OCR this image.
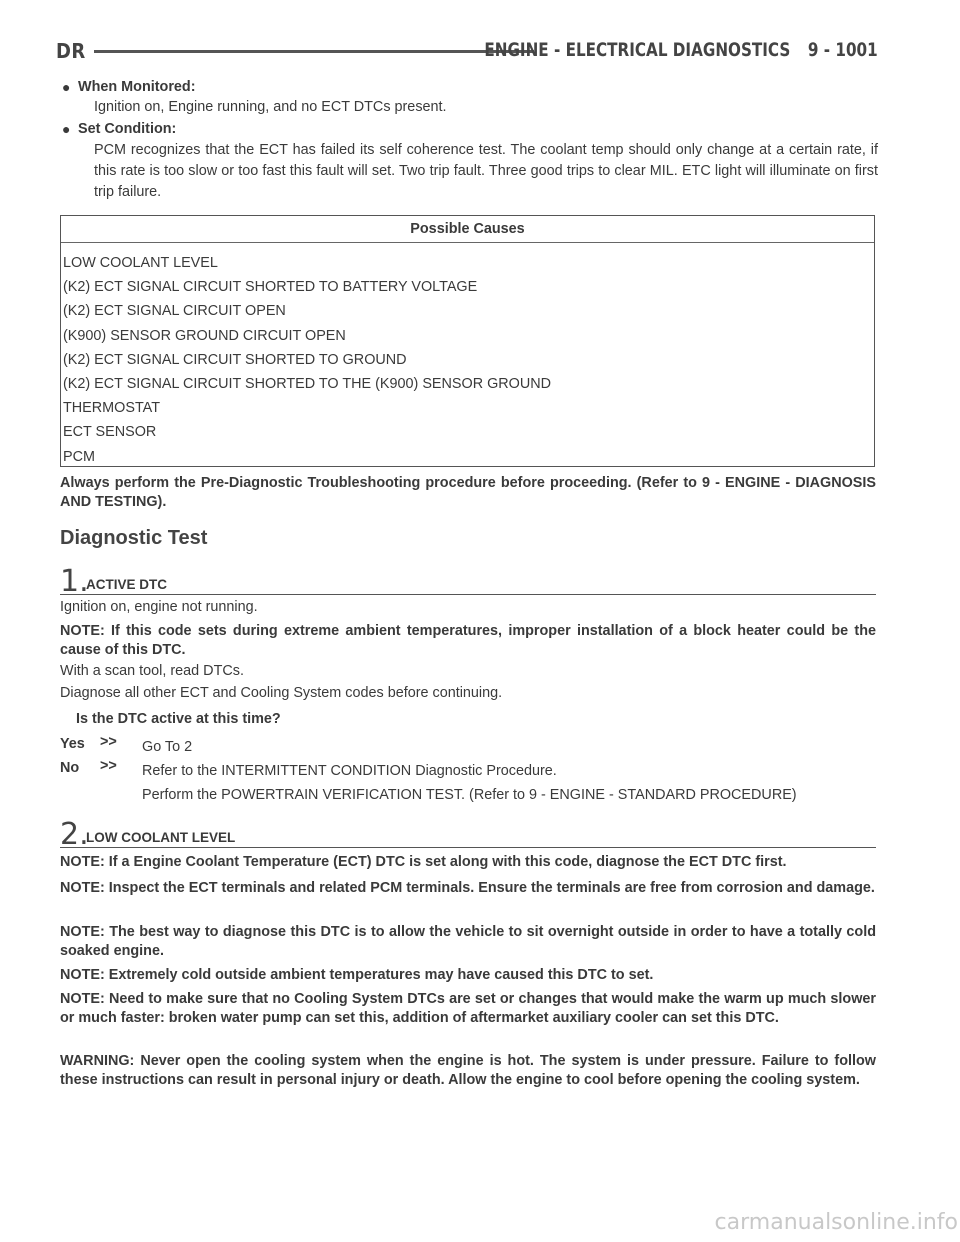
DR	ENGINE - ELECTRICAL DIAGNOSTICS 9 - 1001
● When Monitored:
Ignition on, Engine running, and no ECT DTCs present.
● Set Condition:
PCM recognizes that the ECT has failed its self coherence test. The coolant temp should only change at a certain rate, if this rate is too slow or too fast this fault will set. Two trip fault. Three good trips to clear MIL. ETC light will illuminate on first trip failure.
Possible Causes
LOW COOLANT LEVEL
(K2) ECT SIGNAL CIRCUIT SHORTED TO BATTERY VOLTAGE
(K2) ECT SIGNAL CIRCUIT OPEN
(K900) SENSOR GROUND CIRCUIT OPEN
(K2) ECT SIGNAL CIRCUIT SHORTED TO GROUND
(K2) ECT SIGNAL CIRCUIT SHORTED TO THE (K900) SENSOR GROUND
THERMOSTAT
ECT SENSOR
PCM
Always perform the Pre-Diagnostic Troubleshooting procedure before proceeding. (Refer to 9 - ENGINE - DIAGNOSIS AND TESTING).
Diagnostic Test
1.
ACTIVE DTC
Ignition on, engine not running.
NOTE: If this code sets during extreme ambient temperatures, improper installation of a block heater could be the cause of this DTC.
With a scan tool, read DTCs.
Diagnose all other ECT and Cooling System codes before continuing.
Is the DTC active at this time?
Yes >> Go To 2
No >> Refer to the INTERMITTENT CONDITION Diagnostic Procedure.
Perform the POWERTRAIN VERIFICATION TEST. (Refer to 9 - ENGINE - STANDARD PROCEDURE)
2.
LOW COOLANT LEVEL
NOTE: If a Engine Coolant Temperature (ECT) DTC is set along with this code, diagnose the ECT DTC first.
NOTE: Inspect the ECT terminals and related PCM terminals. Ensure the terminals are free from corrosion and damage.
NOTE: The best way to diagnose this DTC is to allow the vehicle to sit overnight outside in order to have a totally cold soaked engine.
NOTE: Extremely cold outside ambient temperatures may have caused this DTC to set.
NOTE: Need to make sure that no Cooling System DTCs are set or changes that would make the warm up much slower or much faster: broken water pump can set this, addition of aftermarket auxiliary cooler can set this DTC.
WARNING: Never open the cooling system when the engine is hot. The system is under pressure. Failure to follow these instructions can result in personal injury or death. Allow the engine to cool before opening the cooling system.
carmanualsonline.info
